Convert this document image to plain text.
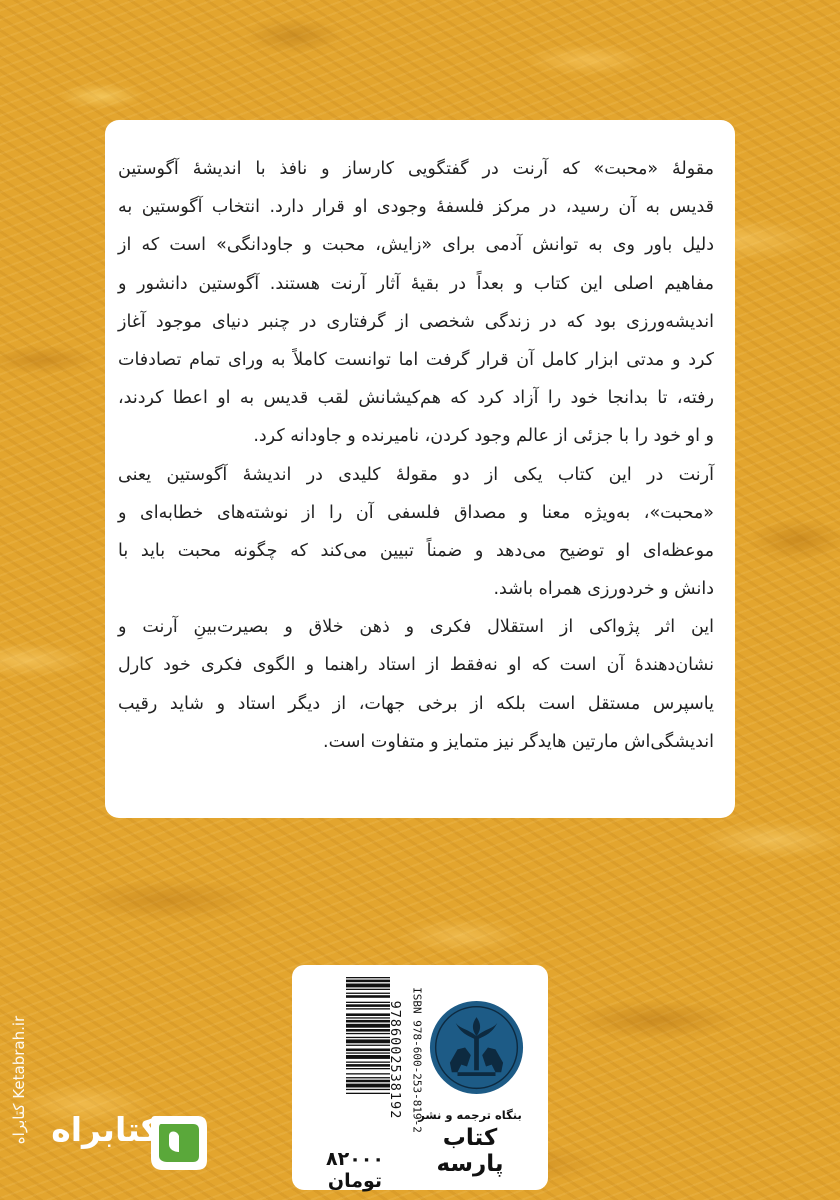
مقولهٔ «محبت» که آرنت در گفتگویی کارساز و نافذ با اندیشهٔ آگوستین
قدیس به آن رسید، در مرکز فلسفهٔ وجودی او قرار دارد. انتخاب آگوستین به
دلیل باور وی به توانش آدمی برای «زایش، محبت و جاودانگی» است که از
مفاهیم اصلی این کتاب و بعداً در بقیهٔ آثار آرنت هستند. آگوستین دانشور و
اندیشه‌ورزی بود که در زندگی شخصی از گرفتاری در چنبر دنیای موجود آغاز
کرد و مدتی ابزار کامل آن قرار گرفت اما توانست کاملاً به ورای تمام تصادفات
رفته، تا بدانجا خود را آزاد کرد که هم‌کیشانش لقب قدیس به او اعطا کردند،
و او خود را با جزئی از عالم وجود کردن، نامیرنده و جاودانه کرد.
آرنت در این کتاب یکی از دو مقولهٔ کلیدی در اندیشهٔ آگوستین یعنی
«محبت»، به‌ویژه معنا و مصداق فلسفی آن را از نوشته‌های خطابه‌ای و
موعظه‌ای او توضیح می‌دهد و ضمناً تبیین می‌کند که چگونه محبت باید با
دانش و خردورزی همراه باشد.
این اثر پژواکی از استقلال فکری و ذهن خلاق و بصیرت‌بینِ آرنت و
نشان‌دهندهٔ آن است که او نه‌فقط از استاد راهنما و الگوی فکری خود کارل
یاسپرس مستقل است بلکه از برخی جهات، از دیگر استاد و شاید رقیب
اندیشگی‌اش مارتین هایدگر نیز متمایز و متفاوت است.
بنگاه ترجمه و نشر
کتاب پارسه
ISBN 978-600-253-819-2
9786002538192
۸۲۰۰۰ تومان
کتابراه
کتابراه Ketabrah.ir
